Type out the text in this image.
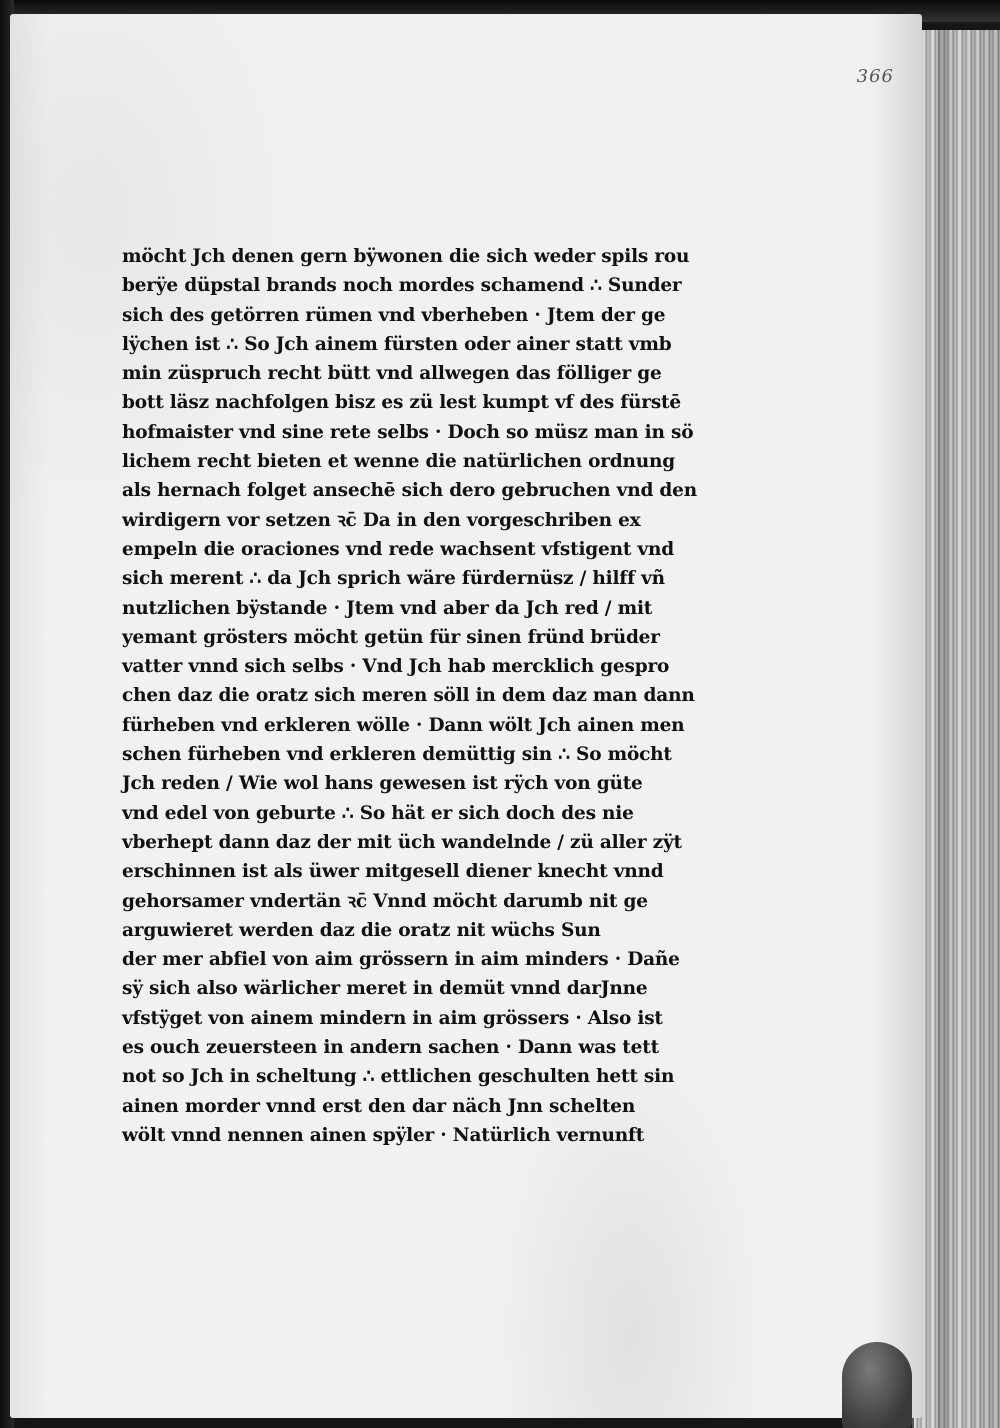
366
möcht Jch denen gern bÿwonen die sich weder spils rou
berÿe düpstal brands noch mordes schamend ∴ Sunder
sich des getörren rümen vnd vberheben · Jtem der ge
lÿchen ist ∴ So Jch ainem fürsten oder ainer statt vmb
min züspruch recht bütt vnd allwegen das fölliger ge
bott läsz nachfolgen bisz es zü lest kumpt vf des fürstē
hofmaister vnd sine rete selbs · Doch so müsz man in sö
lichem recht bieten et wenne die natürlichen ordnung
als hernach folget ansechē sich dero gebruchen vnd den
wirdigern vor setzen ꝛc̄ Da in den vorgeschriben ex
empeln die oraciones vnd rede wachsent vfstigent vnd
sich merent ∴ da Jch sprich wäre fürdernüsz / hilff vñ
nutzlichen bÿstande · Jtem vnd aber da Jch red / mit
yemant grösters möcht getün für sinen fründ brüder
vatter vnnd sich selbs · Vnd Jch hab mercklich gespro
chen daz die oratz sich meren söll in dem daz man dann
fürheben vnd erkleren wölle · Dann wölt Jch ainen men
schen fürheben vnd erkleren demüttig sin ∴ So möcht
Jch reden / Wie wol hans gewesen ist rÿch von güte
vnd edel von geburte ∴ So hät er sich doch des nie
vberhept dann daz der mit üch wandelnde / zü aller zÿt
erschinnen ist als üwer mitgesell diener knecht vnnd
gehorsamer vndertän ꝛc̄ Vnnd möcht darumb nit ge
arguwieret werden daz die oratz nit wüchs Sun
der mer abfiel von aim grössern in aim minders · Dañe
sÿ sich also wärlicher meret in demüt vnnd darJnne
vfstÿget von ainem mindern in aim grössers · Also ist
es ouch zeuersteen in andern sachen · Dann was tett
not so Jch in scheltung ∴ ettlichen geschulten hett sin
ainen morder vnnd erst den dar näch Jnn schelten
wölt vnnd nennen ainen spÿler · Natürlich vernunft
